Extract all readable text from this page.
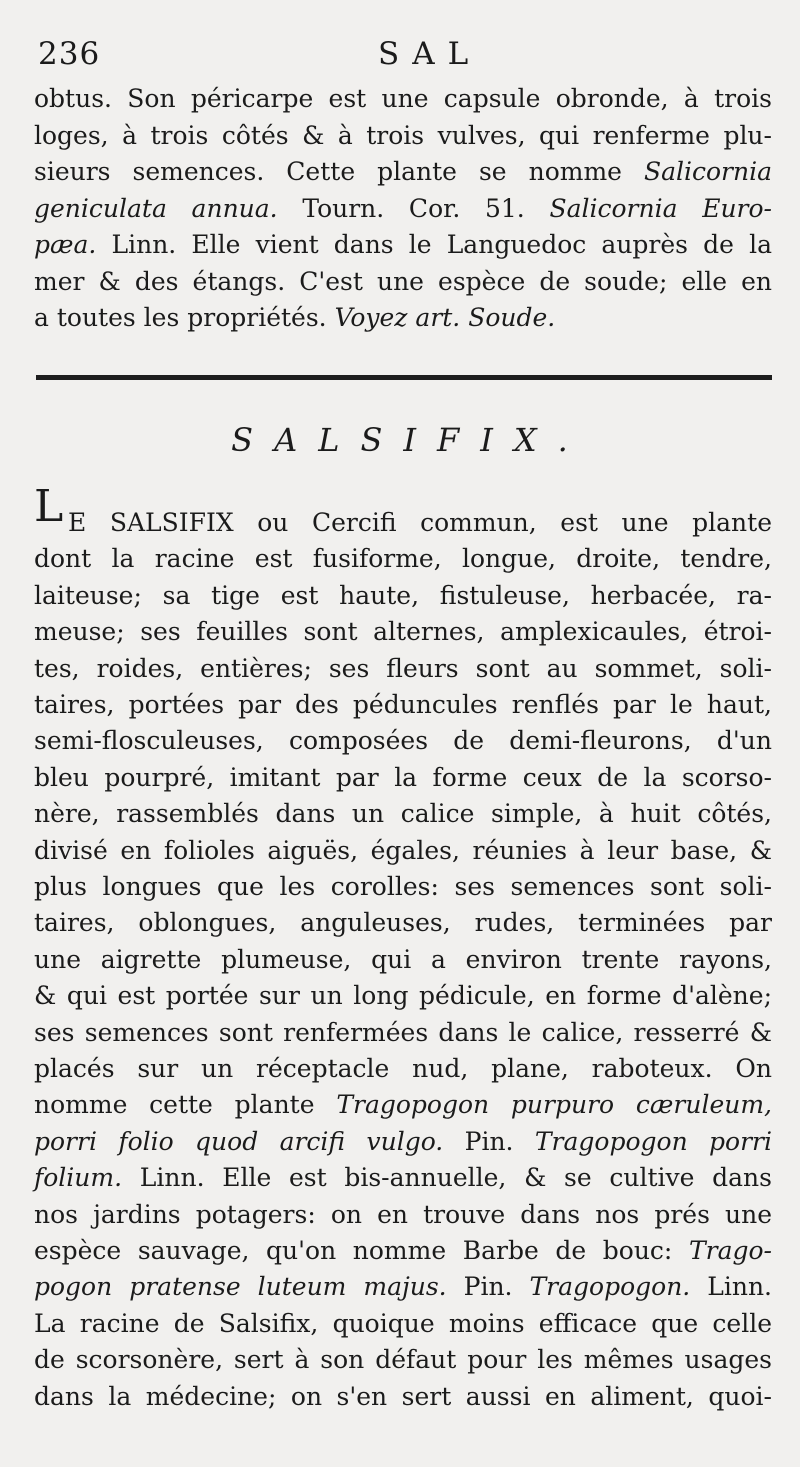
236	SAL
obtus. Son péricarpe est une capsule obronde, à trois
loges, à trois côtés & à trois vulves, qui renferme plu-
sieurs semences. Cette plante se nomme Salicornia
geniculata annua. Tourn. Cor. 51. Salicornia Euro-
pæa. Linn. Elle vient dans le Languedoc auprès de la
mer & des étangs. C'est une espèce de soude; elle en
a toutes les propriétés. Voyez art. Soude.
SALSIFIX.
L E SALSIFIX ou Cercifi commun, est une plante
dont la racine est fusiforme, longue, droite, tendre,
laiteuse; sa tige est haute, fistuleuse, herbacée, ra-
meuse; ses feuilles sont alternes, amplexicaules, étroi-
tes, roides, entières; ses fleurs sont au sommet, soli-
taires, portées par des péduncules renflés par le haut,
semi-flosculeuses, composées de demi-fleurons, d'un
bleu pourpré, imitant par la forme ceux de la scorso-
nère, rassemblés dans un calice simple, à huit côtés,
divisé en folioles aiguës, égales, réunies à leur base, &
plus longues que les corolles: ses semences sont soli-
taires, oblongues, anguleuses, rudes, terminées par
une aigrette plumeuse, qui a environ trente rayons,
& qui est portée sur un long pédicule, en forme d'alène;
ses semences sont renfermées dans le calice, resserré &
placés sur un réceptacle nud, plane, raboteux. On
nomme cette plante Tragopogon purpuro cæruleum,
porri folio quod arcifi vulgo. Pin. Tragopogon porri
folium. Linn. Elle est bis-annuelle, & se cultive dans
nos jardins potagers: on en trouve dans nos prés une
espèce sauvage, qu'on nomme Barbe de bouc: Trago-
pogon pratense luteum majus. Pin. Tragopogon. Linn.
La racine de Salsifix, quoique moins efficace que celle
de scorsonère, sert à son défaut pour les mêmes usages
dans la médecine; on s'en sert aussi en aliment, quoi-
